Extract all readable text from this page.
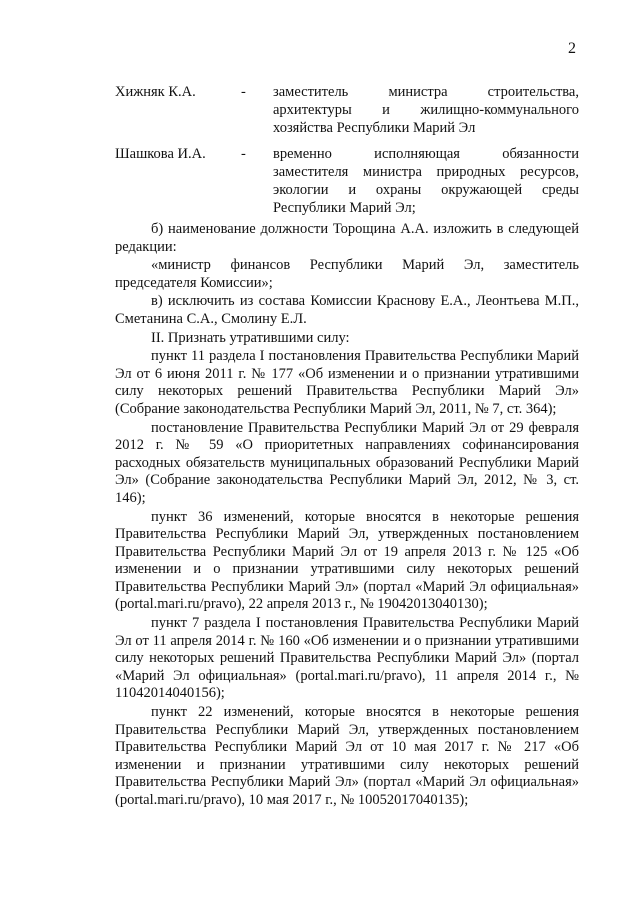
2
Хижняк К.А.	- заместитель министра строительства, архитектуры и жилищно-коммунального хозяйства Республики Марий Эл
Шашкова И.А. - временно исполняющая обязанности заместителя министра природных ресурсов, экологии и охраны окружающей среды Республики Марий Эл;

б) наименование должности Торощина А.А. изложить в следующей редакции:

«министр финансов Республики Марий Эл, заместитель председателя Комиссии»;

в) исключить из состава Комиссии Краснову Е.А., Леонтьева М.П., Сметанина С.А., Смолину Е.Л.

II. Признать утратившими силу:

пункт 11 раздела I постановления Правительства Республики Марий Эл от 6 июня 2011 г. № 177 «Об изменении и о признании утратившими силу некоторых решений Правительства Республики Марий Эл» (Собрание законодательства Республики Марий Эл, 2011, № 7, ст. 364);

постановление Правительства Республики Марий Эл от 29 февраля 2012 г. № 59 «О приоритетных направлениях софинансирования расходных обязательств муниципальных образований Республики Марий Эл» (Собрание законодательства Республики Марий Эл, 2012, № 3, ст. 146);

пункт 36 изменений, которые вносятся в некоторые решения Правительства Республики Марий Эл, утвержденных постановлением Правительства Республики Марий Эл от 19 апреля 2013 г. № 125 «Об изменении и о признании утратившими силу некоторых решений Правительства Республики Марий Эл» (портал «Марий Эл официальная» (portal.mari.ru/pravo), 22 апреля 2013 г., № 19042013040130);

пункт 7 раздела I постановления Правительства Республики Марий Эл от 11 апреля 2014 г. № 160 «Об изменении и о признании утратившими силу некоторых решений Правительства Республики Марий Эл» (портал «Марий Эл официальная» (portal.mari.ru/pravo), 11 апреля 2014 г., № 11042014040156);

пункт 22 изменений, которые вносятся в некоторые решения Правительства Республики Марий Эл, утвержденных постановлением Правительства Республики Марий Эл от 10 мая 2017 г. № 217 «Об изменении и признании утратившими силу некоторых решений Правительства Республики Марий Эл» (портал «Марий Эл официальная» (portal.mari.ru/pravo), 10 мая 2017 г., № 10052017040135);
